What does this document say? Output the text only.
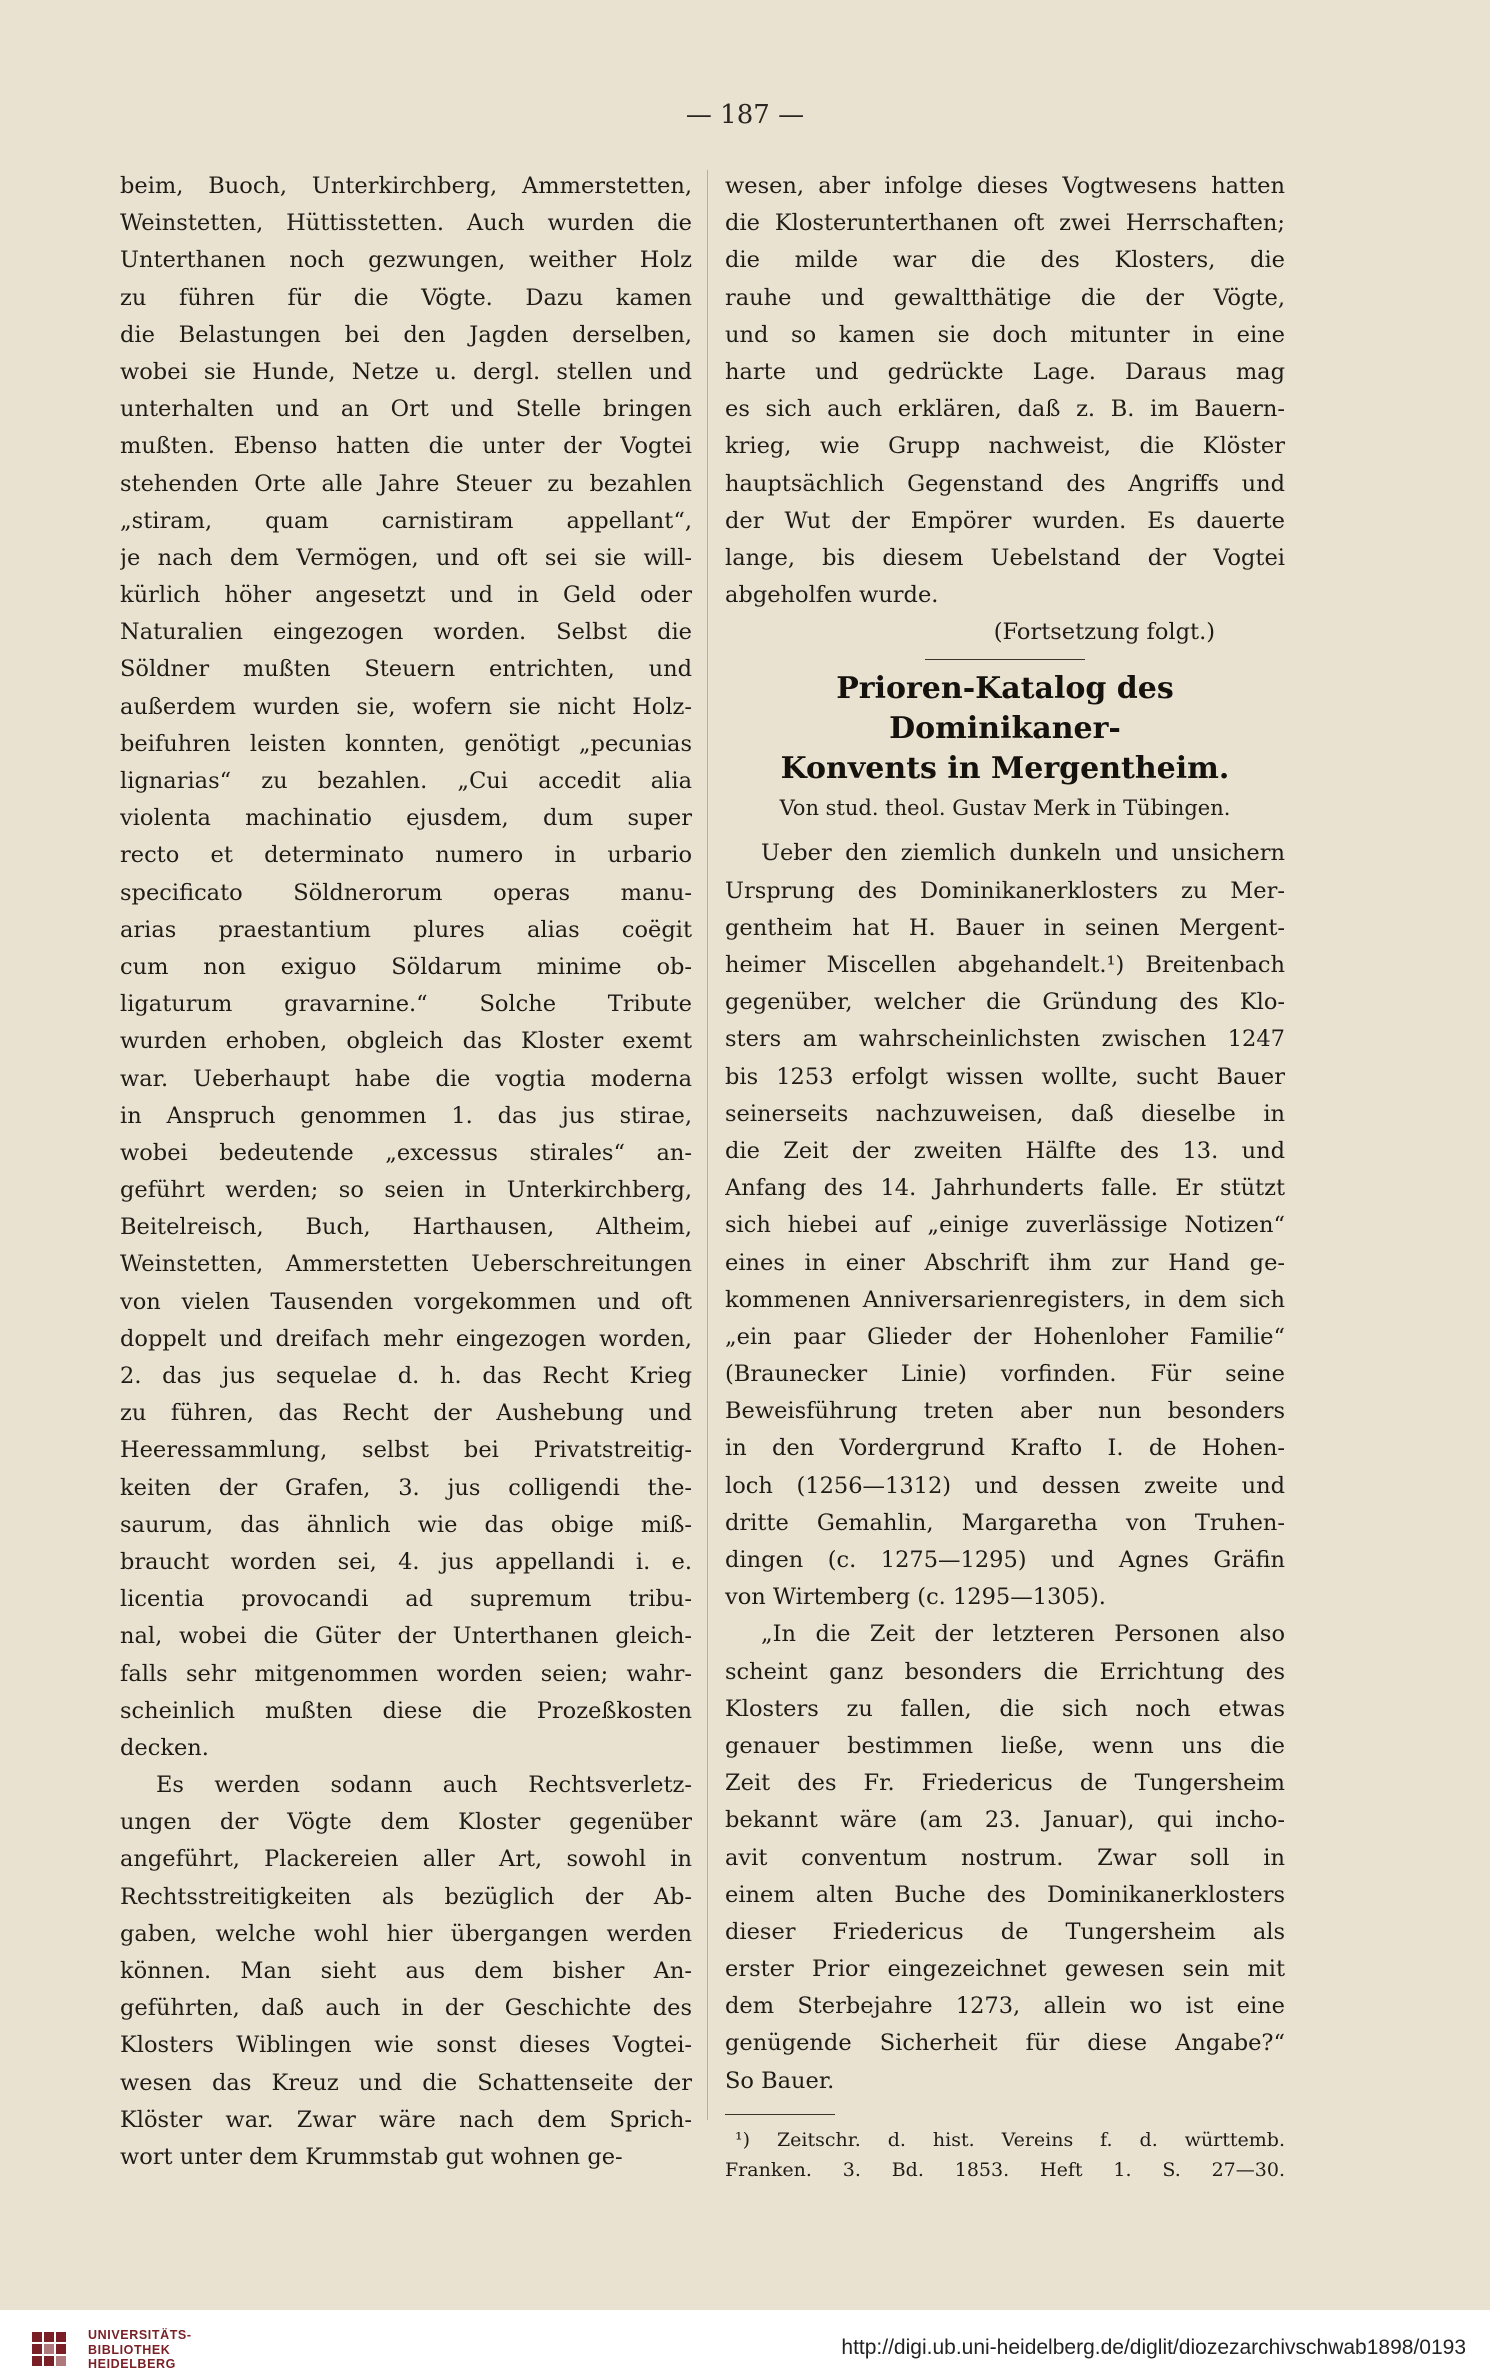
— 187 —
beim, Buoch, Unterkirchberg, Ammerstetten,
Weinstetten, Hüttisstetten. Auch wurden die
Unterthanen noch gezwungen, weither Holz
zu führen für die Vögte. Dazu kamen
die Belastungen bei den Jagden derselben,
wobei sie Hunde, Netze u. dergl. stellen und
unterhalten und an Ort und Stelle bringen
mußten. Ebenso hatten die unter der Vogtei
stehenden Orte alle Jahre Steuer zu bezahlen
„stiram, quam carnistiram appellant“,
je nach dem Vermögen, und oft sei sie will-
kürlich höher angesetzt und in Geld oder
Naturalien eingezogen worden. Selbst die
Söldner mußten Steuern entrichten, und
außerdem wurden sie, wofern sie nicht Holz-
beifuhren leisten konnten, genötigt „pecunias
lignarias“ zu bezahlen. „Cui accedit alia
violenta machinatio ejusdem, dum super
recto et determinato numero in urbario
specificato Söldnerorum operas manu-
arias praestantium plures alias coëgit
cum non exiguo Söldarum minime ob-
ligaturum gravarnine.“ Solche Tribute
wurden erhoben, obgleich das Kloster exemt
war. Ueberhaupt habe die vogtia moderna
in Anspruch genommen 1. das jus stirae,
wobei bedeutende „excessus stirales“ an-
geführt werden; so seien in Unterkirchberg,
Beitelreisch, Buch, Harthausen, Altheim,
Weinstetten, Ammerstetten Ueberschreitungen
von vielen Tausenden vorgekommen und oft
doppelt und dreifach mehr eingezogen worden,
2. das jus sequelae d. h. das Recht Krieg
zu führen, das Recht der Aushebung und
Heeressammlung, selbst bei Privatstreitig-
keiten der Grafen, 3. jus colligendi the-
saurum, das ähnlich wie das obige miß-
braucht worden sei, 4. jus appellandi i. e.
licentia provocandi ad supremum tribu-
nal, wobei die Güter der Unterthanen gleich-
falls sehr mitgenommen worden seien; wahr-
scheinlich mußten diese die Prozeßkosten
decken.
Es werden sodann auch Rechtsverletz-
ungen der Vögte dem Kloster gegenüber
angeführt, Plackereien aller Art, sowohl in
Rechtsstreitigkeiten als bezüglich der Ab-
gaben, welche wohl hier übergangen werden
können. Man sieht aus dem bisher An-
geführten, daß auch in der Geschichte des
Klosters Wiblingen wie sonst dieses Vogtei-
wesen das Kreuz und die Schattenseite der
Klöster war. Zwar wäre nach dem Sprich-
wort unter dem Krummstab gut wohnen ge-
wesen, aber infolge dieses Vogtwesens hatten
die Klosterunterthanen oft zwei Herrschaften;
die milde war die des Klosters, die
rauhe und gewaltthätige die der Vögte,
und so kamen sie doch mitunter in eine
harte und gedrückte Lage. Daraus mag
es sich auch erklären, daß z. B. im Bauern-
krieg, wie Grupp nachweist, die Klöster
hauptsächlich Gegenstand des Angriffs und
der Wut der Empörer wurden. Es dauerte
lange, bis diesem Uebelstand der Vogtei
abgeholfen wurde.
(Fortsetzung folgt.)
Prioren-Katalog des Dominikaner-
Konvents in Mergentheim.
Von stud. theol. Gustav Merk in Tübingen.
Ueber den ziemlich dunkeln und unsichern
Ursprung des Dominikanerklosters zu Mer-
gentheim hat H. Bauer in seinen Mergent-
heimer Miscellen abgehandelt.¹) Breitenbach
gegenüber, welcher die Gründung des Klo-
sters am wahrscheinlichsten zwischen 1247
bis 1253 erfolgt wissen wollte, sucht Bauer
seinerseits nachzuweisen, daß dieselbe in
die Zeit der zweiten Hälfte des 13. und
Anfang des 14. Jahrhunderts falle. Er stützt
sich hiebei auf „einige zuverlässige Notizen“
eines in einer Abschrift ihm zur Hand ge-
kommenen Anniversarienregisters, in dem sich
„ein paar Glieder der Hohenloher Familie“
(Braunecker Linie) vorfinden. Für seine
Beweisführung treten aber nun besonders
in den Vordergrund Krafto I. de Hohen-
loch (1256—1312) und dessen zweite und
dritte Gemahlin, Margaretha von Truhen-
dingen (c. 1275—1295) und Agnes Gräfin
von Wirtemberg (c. 1295—1305).
„In die Zeit der letzteren Personen also
scheint ganz besonders die Errichtung des
Klosters zu fallen, die sich noch etwas
genauer bestimmen ließe, wenn uns die
Zeit des Fr. Friedericus de Tungersheim
bekannt wäre (am 23. Januar), qui incho-
avit conventum nostrum. Zwar soll in
einem alten Buche des Dominikanerklosters
dieser Friedericus de Tungersheim als
erster Prior eingezeichnet gewesen sein mit
dem Sterbejahre 1273, allein wo ist eine
genügende Sicherheit für diese Angabe?“
So Bauer.
¹) Zeitschr. d. hist. Vereins f. d. württemb.
Franken. 3. Bd. 1853. Heft 1. S. 27—30.
UNIVERSITÄTS-
BIBLIOTHEK
HEIDELBERG
http://digi.ub.uni-heidelberg.de/diglit/diozezarchivschwab1898/0193
